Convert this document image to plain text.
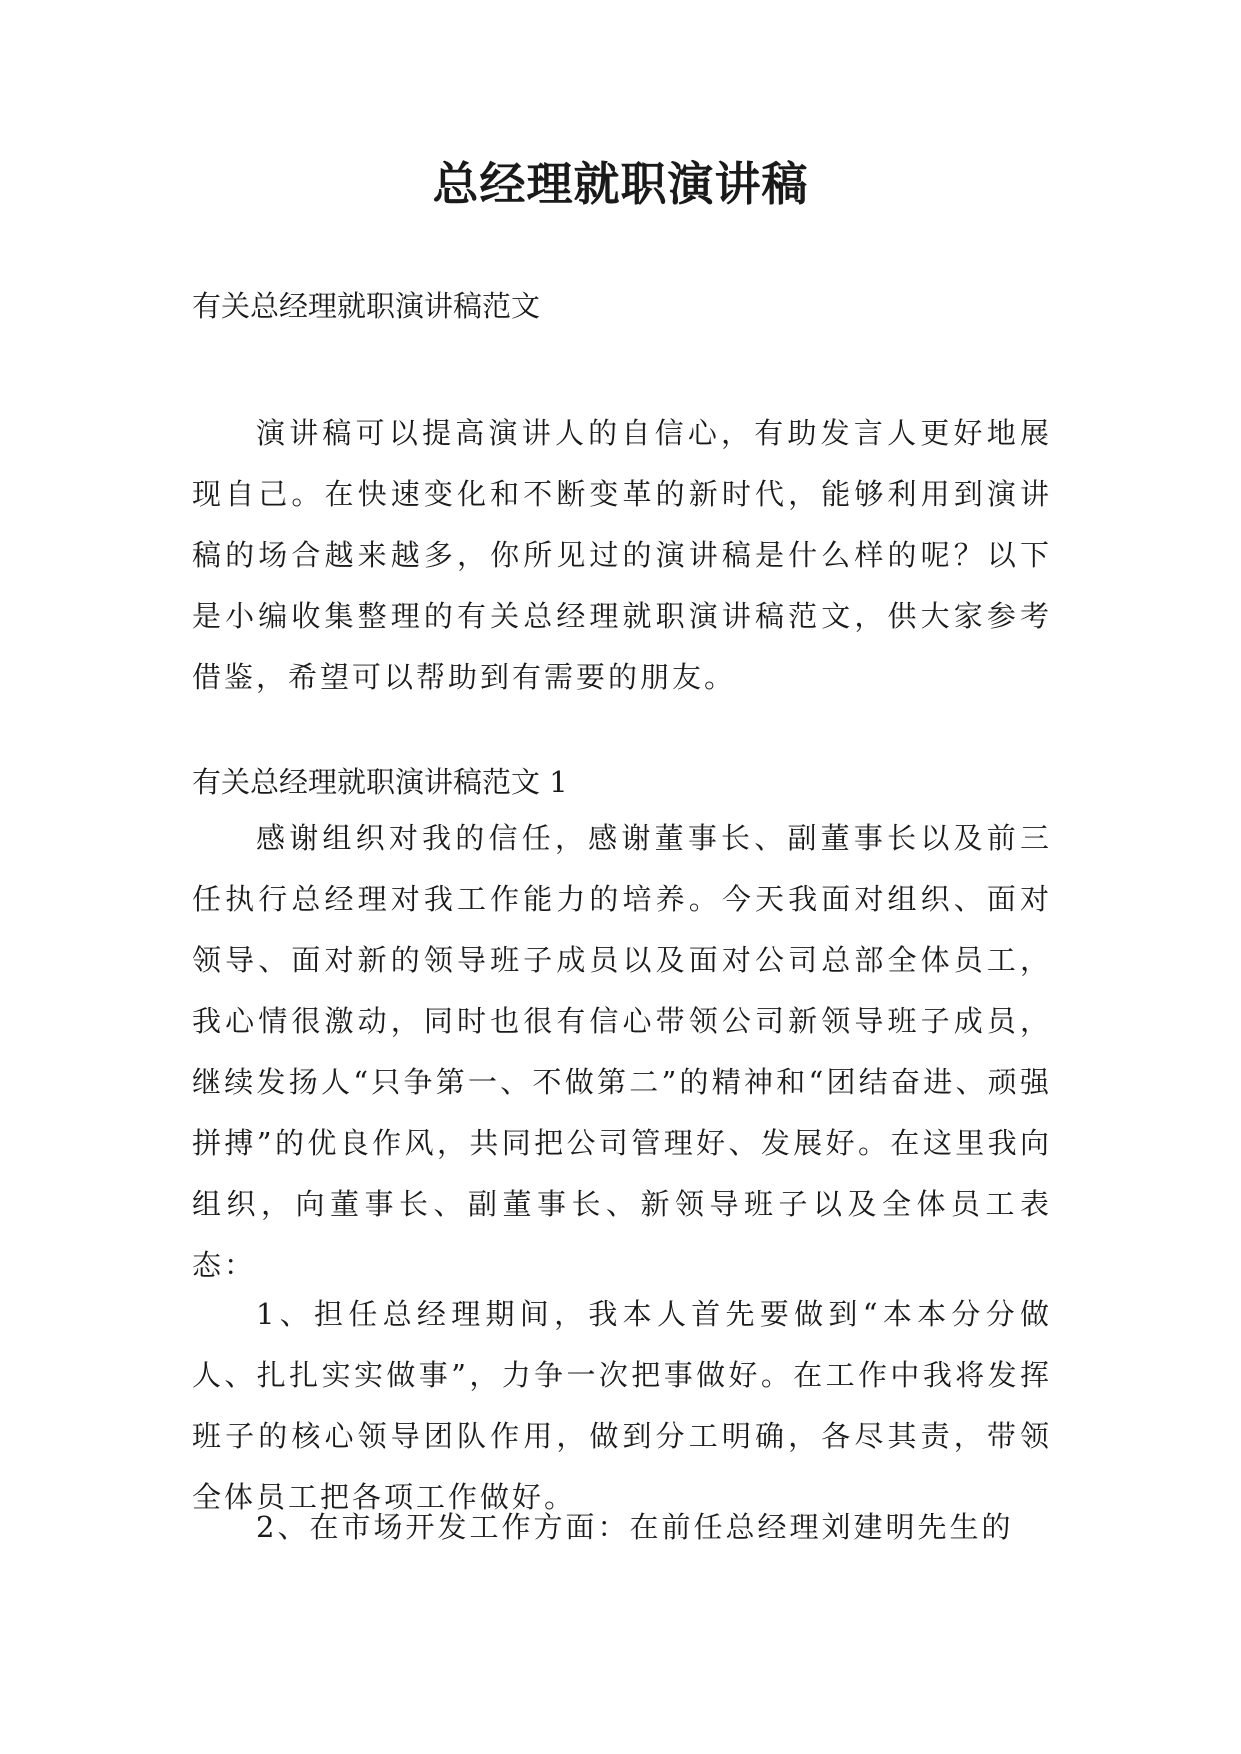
总经理就职演讲稿

有关总经理就职演讲稿范文

演讲稿可以提高演讲人的自信心，有助发言人更好地展现自己。在快速变化和不断变革的新时代，能够利用到演讲稿的场合越来越多，你所见过的演讲稿是什么样的呢？以下是小编收集整理的有关总经理就职演讲稿范文，供大家参考借鉴，希望可以帮助到有需要的朋友。

有关总经理就职演讲稿范文 1

感谢组织对我的信任，感谢董事长、副董事长以及前三任执行总经理对我工作能力的培养。今天我面对组织、面对领导、面对新的领导班子成员以及面对公司总部全体员工，我心情很激动，同时也很有信心带领公司新领导班子成员，继续发扬人“只争第一、不做第二”的精神和“团结奋进、顽强拼搏”的优良作风，共同把公司管理好、发展好。在这里我向组织，向董事长、副董事长、新领导班子以及全体员工表态：

1、担任总经理期间，我本人首先要做到“本本分分做人、扎扎实实做事”，力争一次把事做好。在工作中我将发挥班子的核心领导团队作用，做到分工明确，各尽其责，带领全体员工把各项工作做好。

2、在市场开发工作方面：在前任总经理刘建明先生的
